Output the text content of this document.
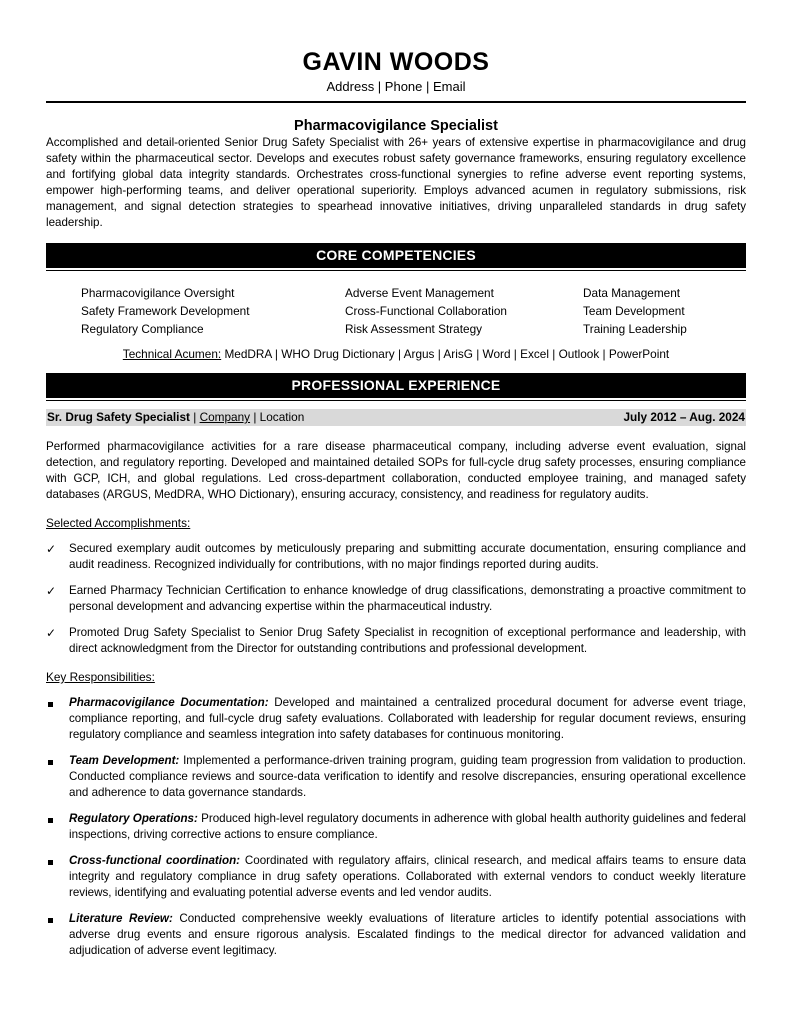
GAVIN WOODS
Address | Phone | Email
Pharmacovigilance Specialist

Accomplished and detail-oriented Senior Drug Safety Specialist with 26+ years of extensive expertise in pharmacovigilance and drug safety within the pharmaceutical sector. Develops and executes robust safety governance frameworks, ensuring regulatory excellence and fortifying global data integrity standards. Orchestrates cross-functional synergies to refine adverse event reporting systems, empower high-performing teams, and deliver operational superiority. Employs advanced acumen in regulatory submissions, risk management, and signal detection strategies to spearhead innovative initiatives, driving unparalleled standards in drug safety leadership.

CORE COMPETENCIES
Pharmacovigilance Oversight	Adverse Event Management	Data Management
Safety Framework Development	Cross-Functional Collaboration	Team Development
Regulatory Compliance	Risk Assessment Strategy	Training Leadership
Technical Acumen: MedDRA | WHO Drug Dictionary | Argus | ArisG | Word | Excel | Outlook | PowerPoint
PROFESSIONAL EXPERIENCE
Sr. Drug Safety Specialist | Company | Location	July 2012 – Aug. 2024

Performed pharmacovigilance activities for a rare disease pharmaceutical company, including adverse event evaluation, signal detection, and regulatory reporting. Developed and maintained detailed SOPs for full-cycle drug safety processes, ensuring compliance with GCP, ICH, and global regulations. Led cross-department collaboration, conducted employee training, and managed safety databases (ARGUS, MedDRA, WHO Dictionary), ensuring accuracy, consistency, and readiness for regulatory audits.

Selected Accomplishments:
✓	Secured exemplary audit outcomes by meticulously preparing and submitting accurate documentation, ensuring compliance and audit readiness. Recognized individually for contributions, with no major findings reported during audits.
✓	Earned Pharmacy Technician Certification to enhance knowledge of drug classifications, demonstrating a proactive commitment to personal development and advancing expertise within the pharmaceutical industry.
✓	Promoted Drug Safety Specialist to Senior Drug Safety Specialist in recognition of exceptional performance and leadership, with direct acknowledgment from the Director for outstanding contributions and professional development.
Key Responsibilities:
Pharmacovigilance Documentation: Developed and maintained a centralized procedural document for adverse event triage, compliance reporting, and full-cycle drug safety evaluations. Collaborated with leadership for regular document reviews, ensuring regulatory compliance and seamless integration into safety databases for continuous monitoring.
Team Development: Implemented a performance-driven training program, guiding team progression from validation to production. Conducted compliance reviews and source-data verification to identify and resolve discrepancies, ensuring operational excellence and adherence to data governance standards.
Regulatory Operations: Produced high-level regulatory documents in adherence with global health authority guidelines and federal inspections, driving corrective actions to ensure compliance.
Cross-functional coordination: Coordinated with regulatory affairs, clinical research, and medical affairs teams to ensure data integrity and regulatory compliance in drug safety operations. Collaborated with external vendors to conduct weekly literature reviews, identifying and evaluating potential adverse events and led vendor audits.
Literature Review: Conducted comprehensive weekly evaluations of literature articles to identify potential associations with adverse drug events and ensure rigorous analysis. Escalated findings to the medical director for advanced validation and adjudication of adverse event legitimacy.
